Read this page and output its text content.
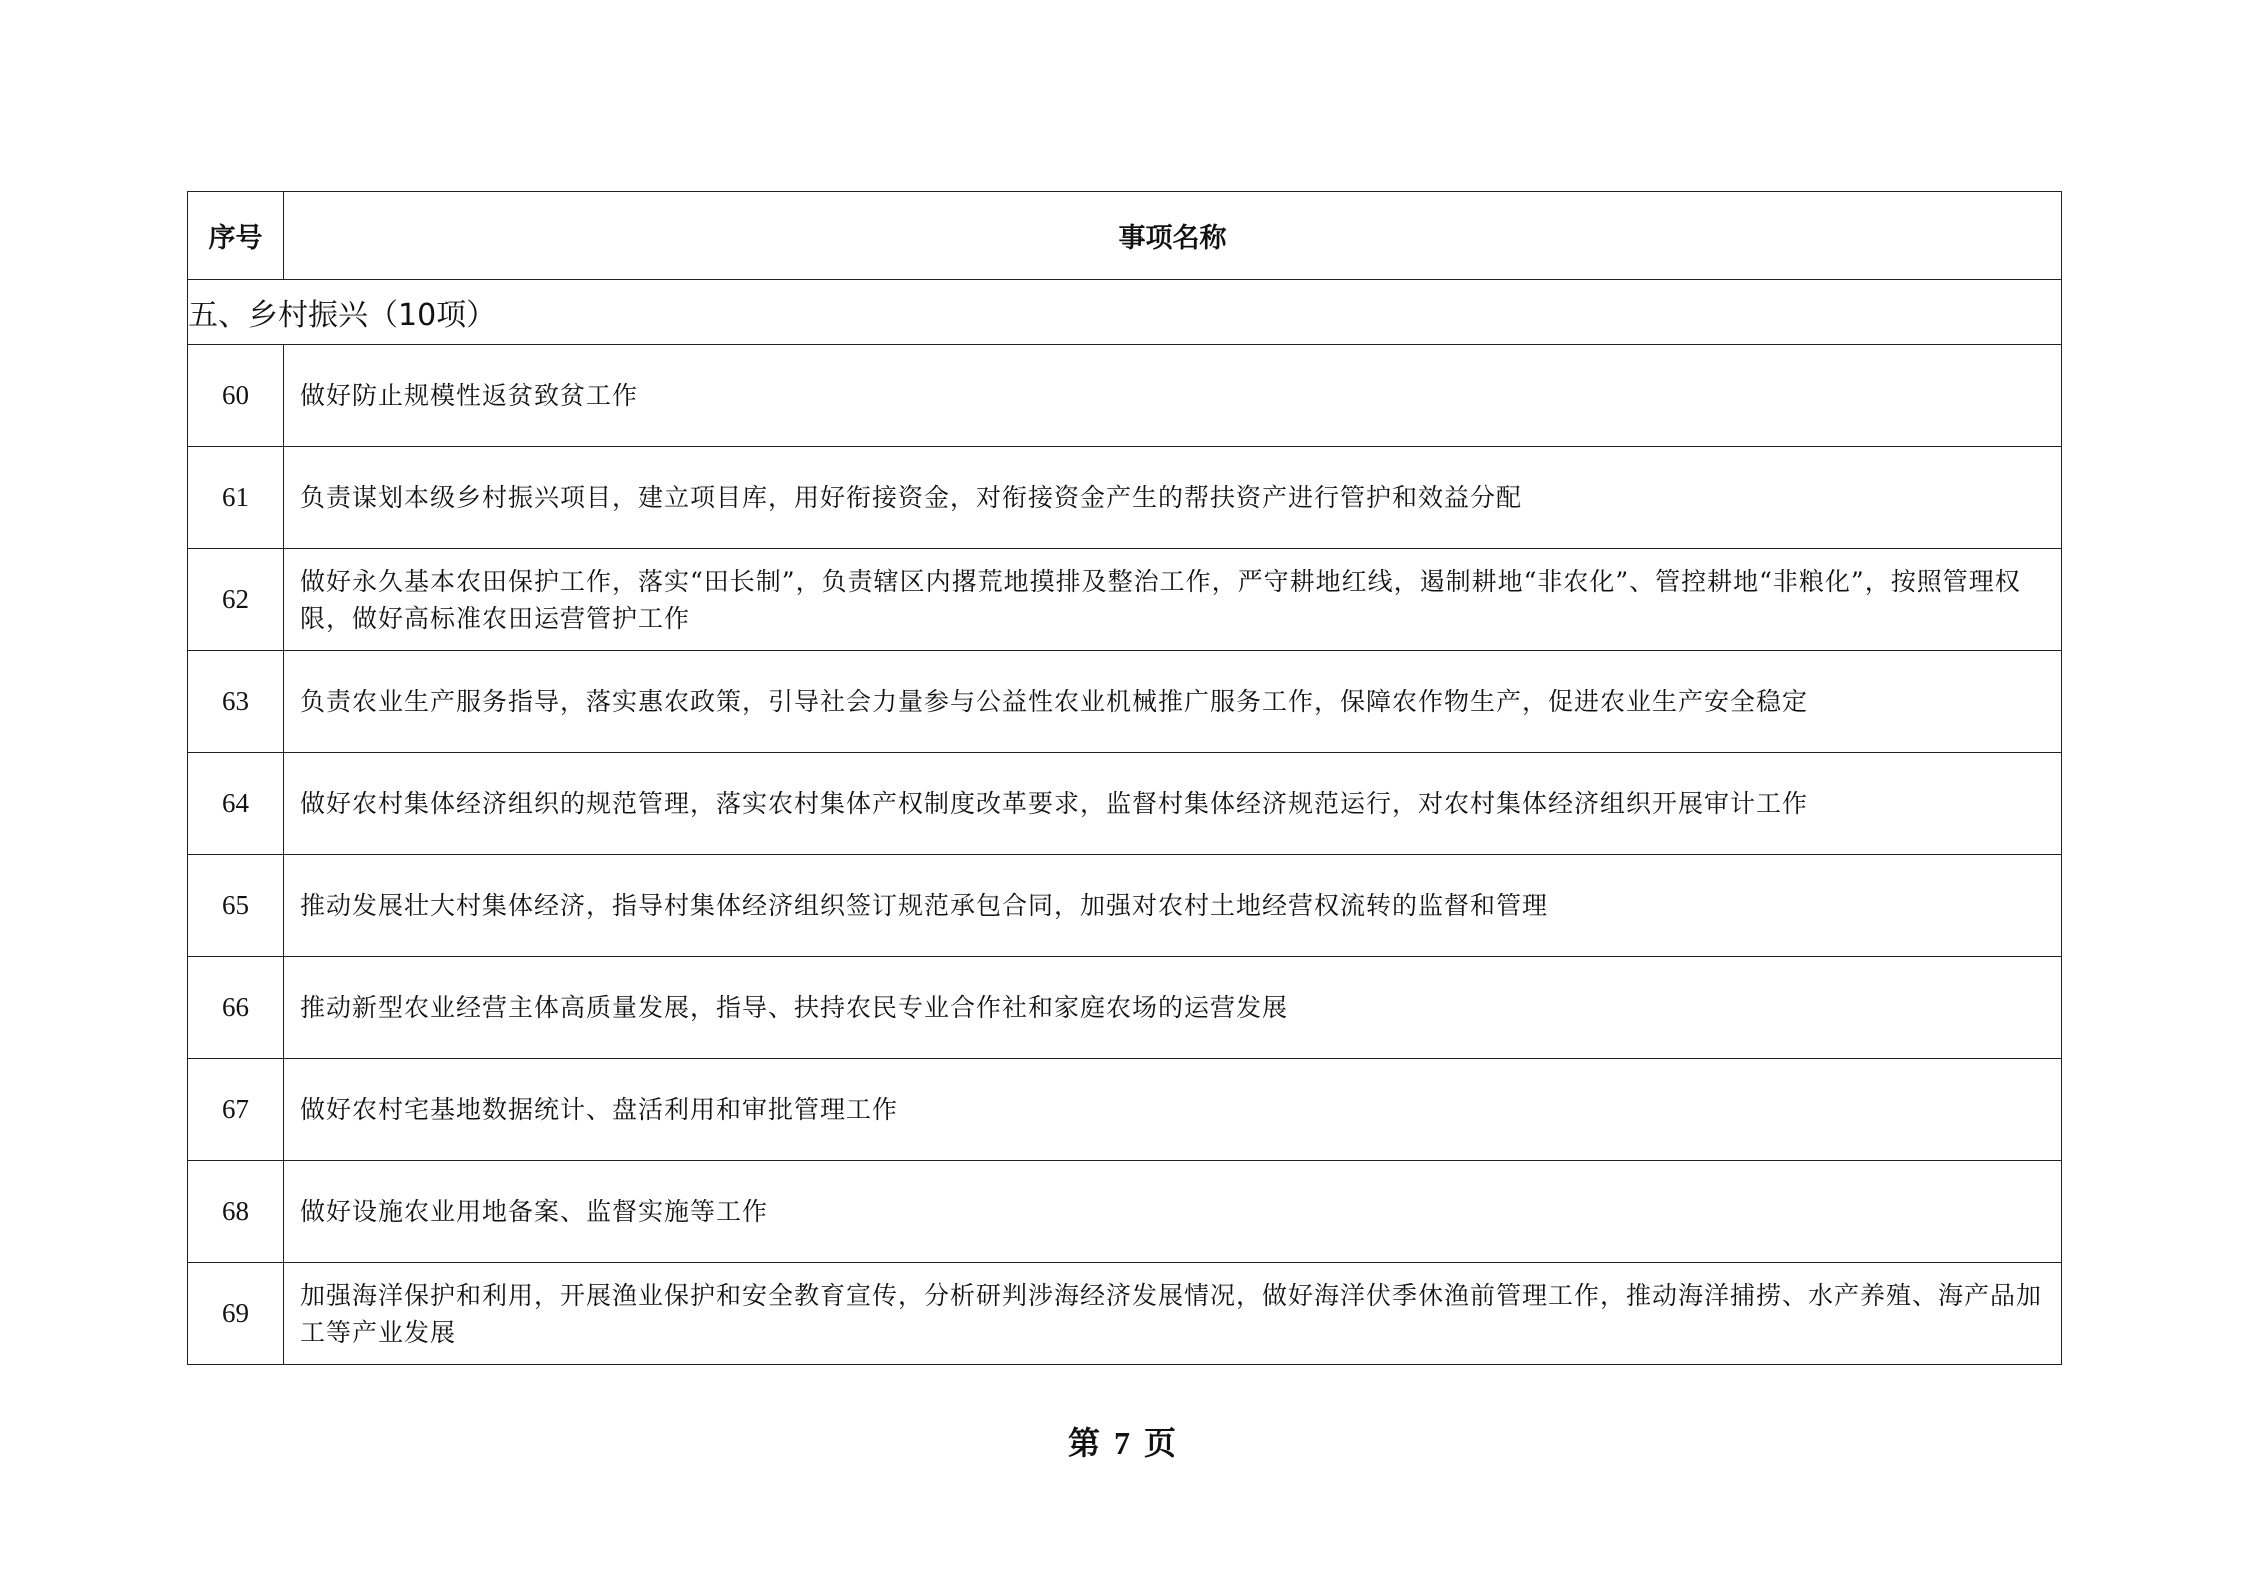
序号	事项名称
五、乡村振兴（10项）	
60	做好防止规模性返贫致贫工作
61	负责谋划本级乡村振兴项目，建立项目库，用好衔接资金，对衔接资金产生的帮扶资产进行管护和效益分配
62	做好永久基本农田保护工作，落实“田长制”，负责辖区内撂荒地摸排及整治工作，严守耕地红线，遏制耕地“非农化”、管控耕地“非粮化”，按照管理权限，做好高标准农田运营管护工作
63	负责农业生产服务指导，落实惠农政策，引导社会力量参与公益性农业机械推广服务工作，保障农作物生产，促进农业生产安全稳定
64	做好农村集体经济组织的规范管理，落实农村集体产权制度改革要求，监督村集体经济规范运行，对农村集体经济组织开展审计工作
65	推动发展壮大村集体经济，指导村集体经济组织签订规范承包合同，加强对农村土地经营权流转的监督和管理
66	推动新型农业经营主体高质量发展，指导、扶持农民专业合作社和家庭农场的运营发展
67	做好农村宅基地数据统计、盘活利用和审批管理工作
68	做好设施农业用地备案、监督实施等工作
69	加强海洋保护和利用，开展渔业保护和安全教育宣传，分析研判涉海经济发展情况，做好海洋伏季休渔前管理工作，推动海洋捕捞、水产养殖、海产品加工等产业发展
第 7 页
